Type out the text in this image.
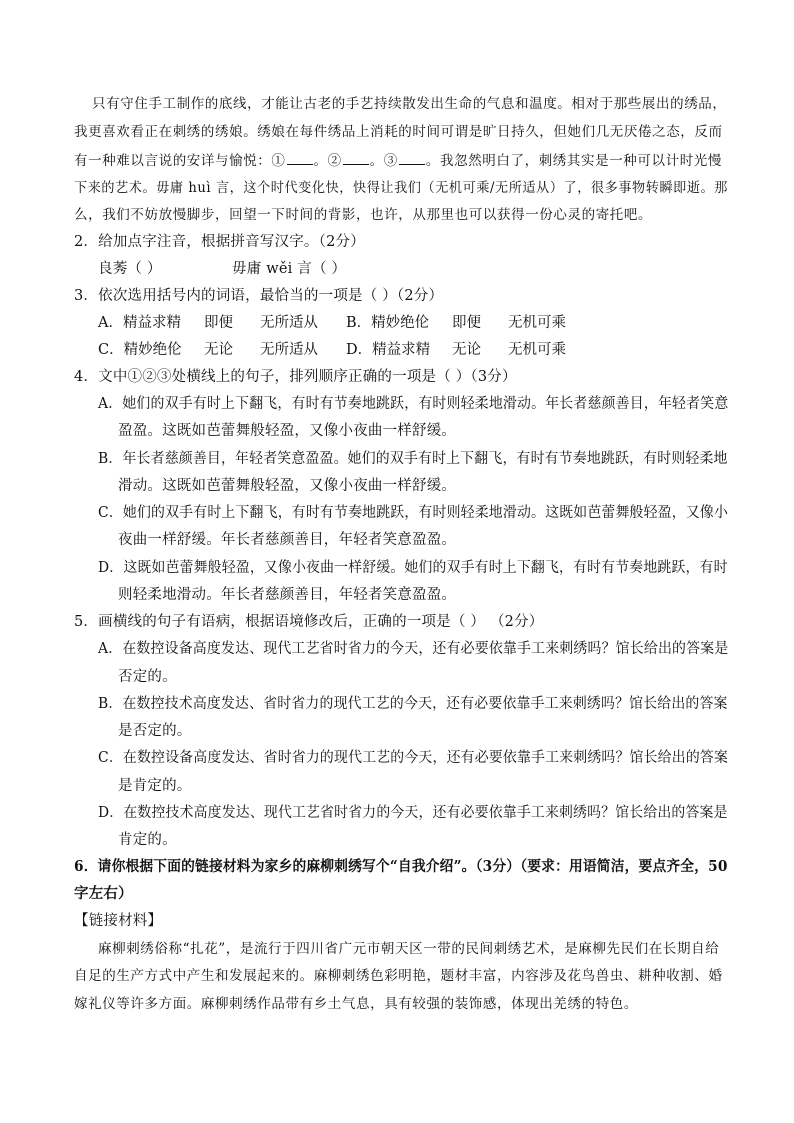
只有守住手工制作的底线，才能让古老的手艺持续散发出生命的气息和温度。相对于那些展出的绣品，
我更喜欢看正在刺绣的绣娘。绣娘在每件绣品上消耗的时间可谓是旷日持久，但她们几无厌倦之态，反而
有一种难以言说的安详与愉悦：① 。② 。③ 。我忽然明白了，刺绣其实是一种可以计时光慢
下来的艺术。毋庸 huì 言，这个时代变化快，快得让我们（无机可乘/无所适从）了，很多事物转瞬即逝。那
么，我们不妨放慢脚步，回望一下时间的背影，也许，从那里也可以获得一份心灵的寄托吧。
2．给加点字注音，根据拼音写汉字。（2分）
良莠（ ）	毋庸 wěi 言（ ）
3．依次选用括号内的词语，最恰当的一项是（ ）（2分）
A．精益求精 即便 无所适从 B．精妙绝伦 即便 无机可乘
C．精妙绝伦 无论 无所适从 D．精益求精 无论 无机可乘
4．文中①②③处横线上的句子，排列顺序正确的一项是（ ）（3分）
A．她们的双手有时上下翻飞，有时有节奏地跳跃，有时则轻柔地滑动。年长者慈颜善目，年轻者笑意
盈盈。这既如芭蕾舞般轻盈，又像小夜曲一样舒缓。
B．年长者慈颜善目，年轻者笑意盈盈。她们的双手有时上下翻飞，有时有节奏地跳跃，有时则轻柔地
滑动。这既如芭蕾舞般轻盈，又像小夜曲一样舒缓。
C．她们的双手有时上下翻飞，有时有节奏地跳跃，有时则轻柔地滑动。这既如芭蕾舞般轻盈，又像小
夜曲一样舒缓。年长者慈颜善目，年轻者笑意盈盈。
D．这既如芭蕾舞般轻盈，又像小夜曲一样舒缓。她们的双手有时上下翻飞，有时有节奏地跳跃，有时
则轻柔地滑动。年长者慈颜善目，年轻者笑意盈盈。
5．画横线的句子有语病，根据语境修改后，正确的一项是（ ） （2分）
A．在数控设备高度发达、现代工艺省时省力的今天，还有必要依靠手工来刺绣吗？馆长给出的答案是
否定的。
B．在数控技术高度发达、省时省力的现代工艺的今天，还有必要依靠手工来刺绣吗？馆长给出的答案
是否定的。
C．在数控设备高度发达、省时省力的现代工艺的今天，还有必要依靠手工来刺绣吗？馆长给出的答案
是肯定的。
D．在数控技术高度发达、现代工艺省时省力的今天，还有必要依靠手工来刺绣吗？馆长给出的答案是
肯定的。
6．请你根据下面的链接材料为家乡的麻柳刺绣写个“自我介绍”。（3分）（要求：用语简洁，要点齐全，50
字左右）
【链接材料】
麻柳刺绣俗称“扎花”，是流行于四川省广元市朝天区一带的民间刺绣艺术，是麻柳先民们在长期自给
自足的生产方式中产生和发展起来的。麻柳刺绣色彩明艳，题材丰富，内容涉及花鸟兽虫、耕种收割、婚
嫁礼仪等许多方面。麻柳刺绣作品带有乡土气息，具有较强的装饰感，体现出羌绣的特色。
